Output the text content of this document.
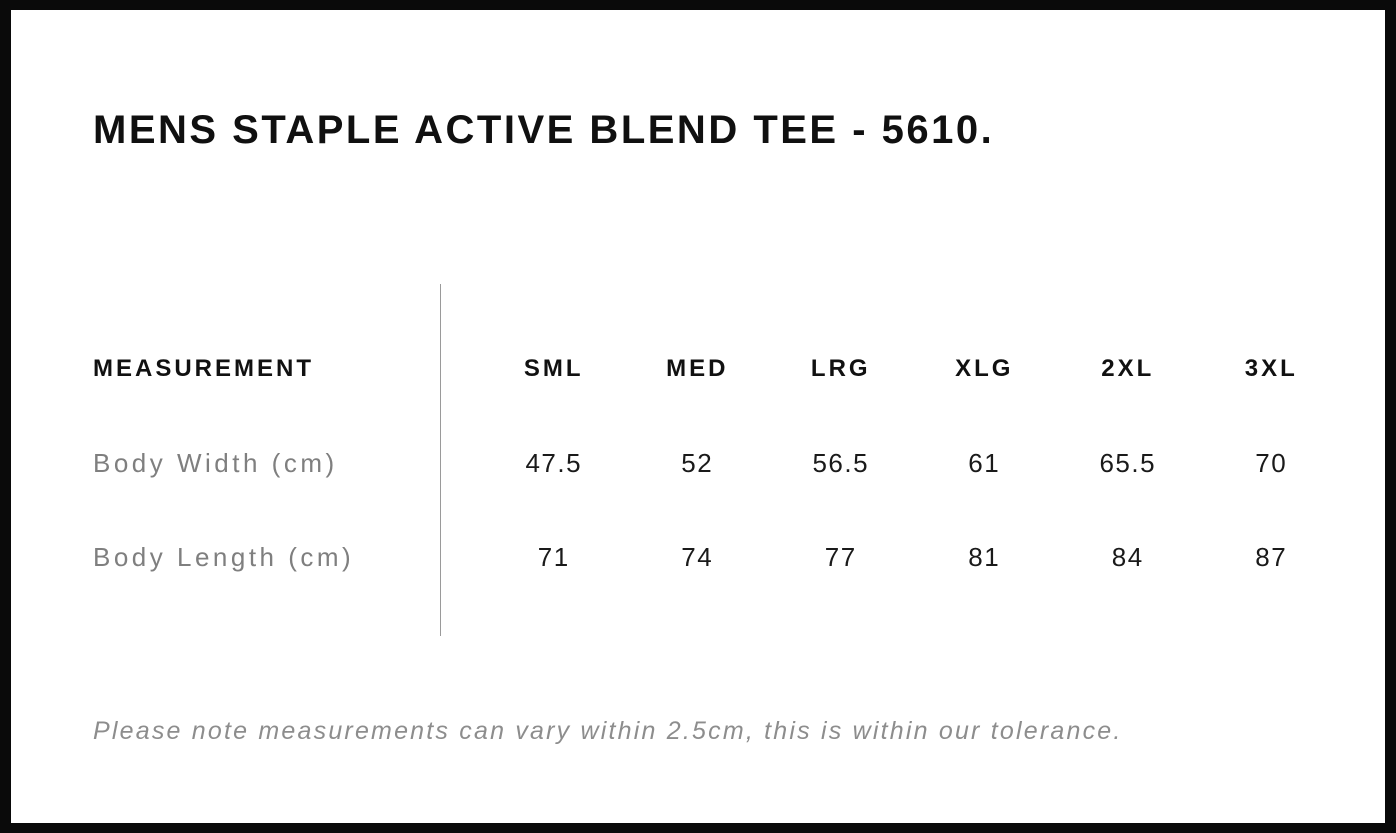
MENS STAPLE ACTIVE BLEND TEE - 5610.
MEASUREMENT	SML	MED	LRG	XLG	2XL	3XL
Body Width (cm)	47.5	52	56.5	61	65.5	70
Body Length (cm)	71	74	77	81	84	87

Please note measurements can vary within 2.5cm, this is within our tolerance.
